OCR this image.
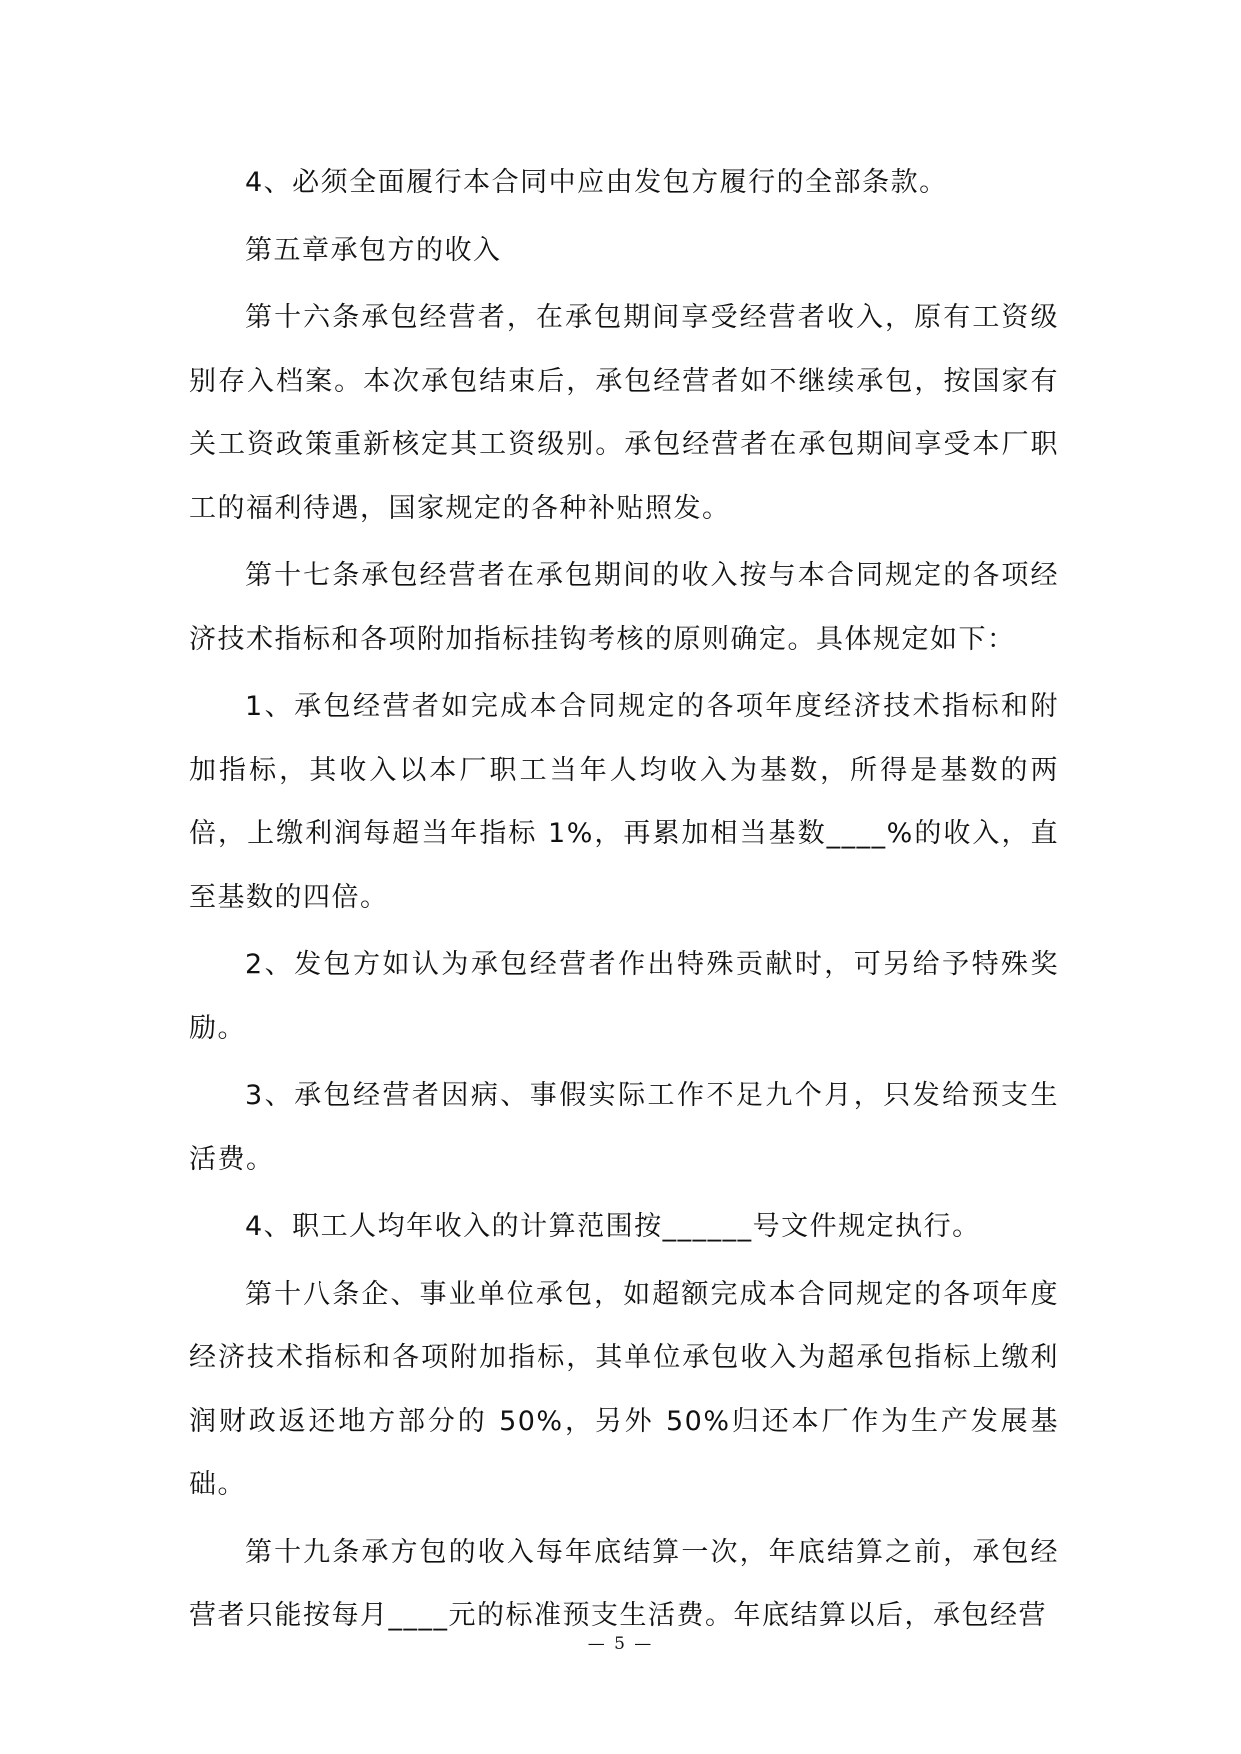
4、必须全面履行本合同中应由发包方履行的全部条款。

第五章承包方的收入

第十六条承包经营者，在承包期间享受经营者收入，原有工资级别存入档案。本次承包结束后，承包经营者如不继续承包，按国家有关工资政策重新核定其工资级别。承包经营者在承包期间享受本厂职工的福利待遇，国家规定的各种补贴照发。

第十七条承包经营者在承包期间的收入按与本合同规定的各项经济技术指标和各项附加指标挂钩考核的原则确定。具体规定如下：

1、承包经营者如完成本合同规定的各项年度经济技术指标和附加指标，其收入以本厂职工当年人均收入为基数，所得是基数的两倍，上缴利润每超当年指标 1%，再累加相当基数____%的收入，直至基数的四倍。

2、发包方如认为承包经营者作出特殊贡献时，可另给予特殊奖励。

3、承包经营者因病、事假实际工作不足九个月，只发给预支生活费。

4、职工人均年收入的计算范围按______号文件规定执行。

第十八条企、事业单位承包，如超额完成本合同规定的各项年度经济技术指标和各项附加指标，其单位承包收入为超承包指标上缴利润财政返还地方部分的 50%，另外 50%归还本厂作为生产发展基础。

第十九条承方包的收入每年底结算一次，年底结算之前，承包经营者只能按每月____元的标准预支生活费。年底结算以后，承包经营

— 5 —
